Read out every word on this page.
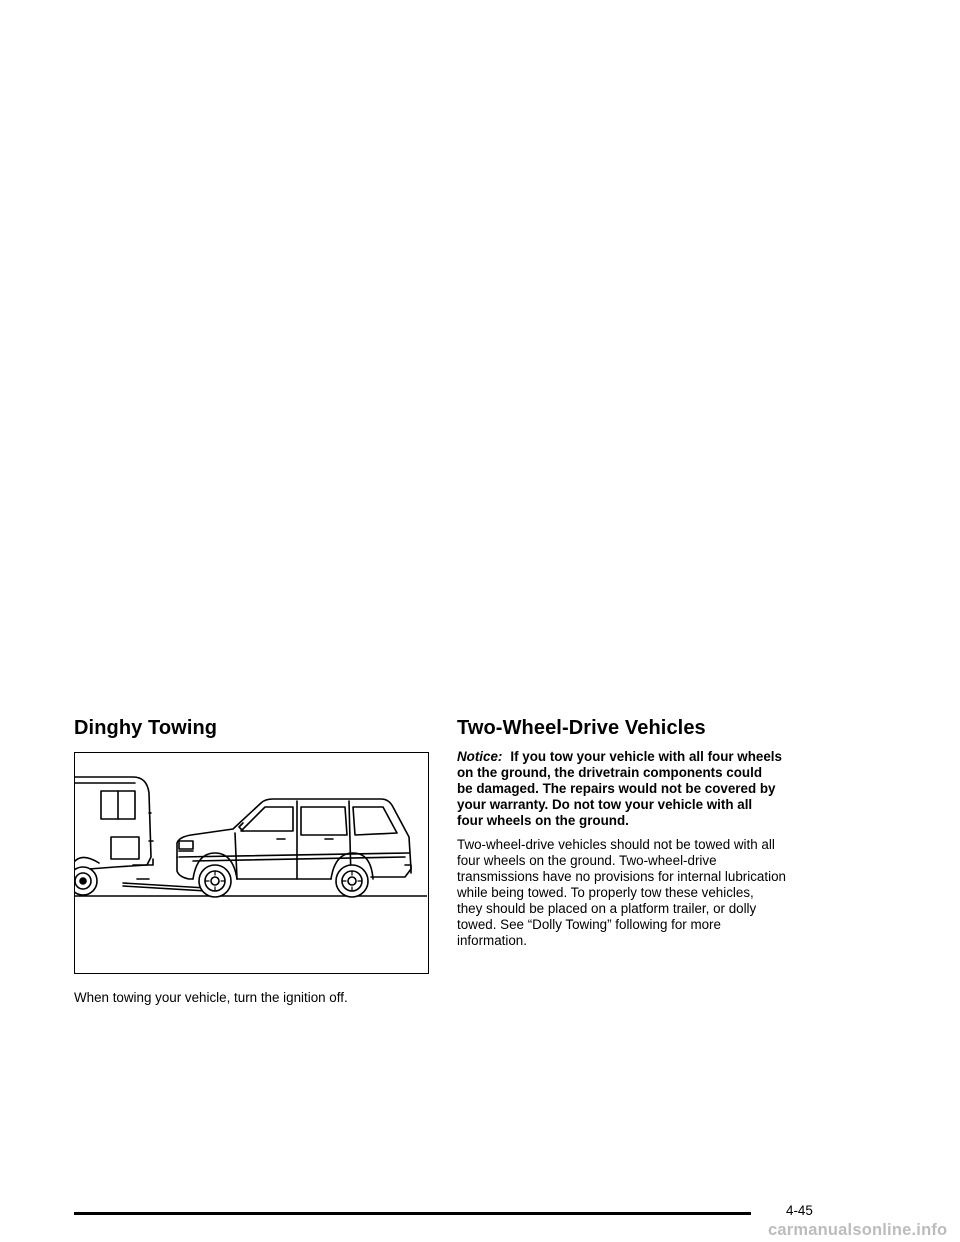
Dinghy Towing
When towing your vehicle, turn the ignition off.
Two-Wheel-Drive Vehicles
Notice: If you tow your vehicle with all four wheels
on the ground, the drivetrain components could
be damaged. The repairs would not be covered by
your warranty. Do not tow your vehicle with all
four wheels on the ground.
Two-wheel-drive vehicles should not be towed with all
four wheels on the ground. Two-wheel-drive
transmissions have no provisions for internal lubrication
while being towed. To properly tow these vehicles,
they should be placed on a platform trailer, or dolly
towed. See “Dolly Towing” following for more
information.
4-45
carmanualsonline.info
